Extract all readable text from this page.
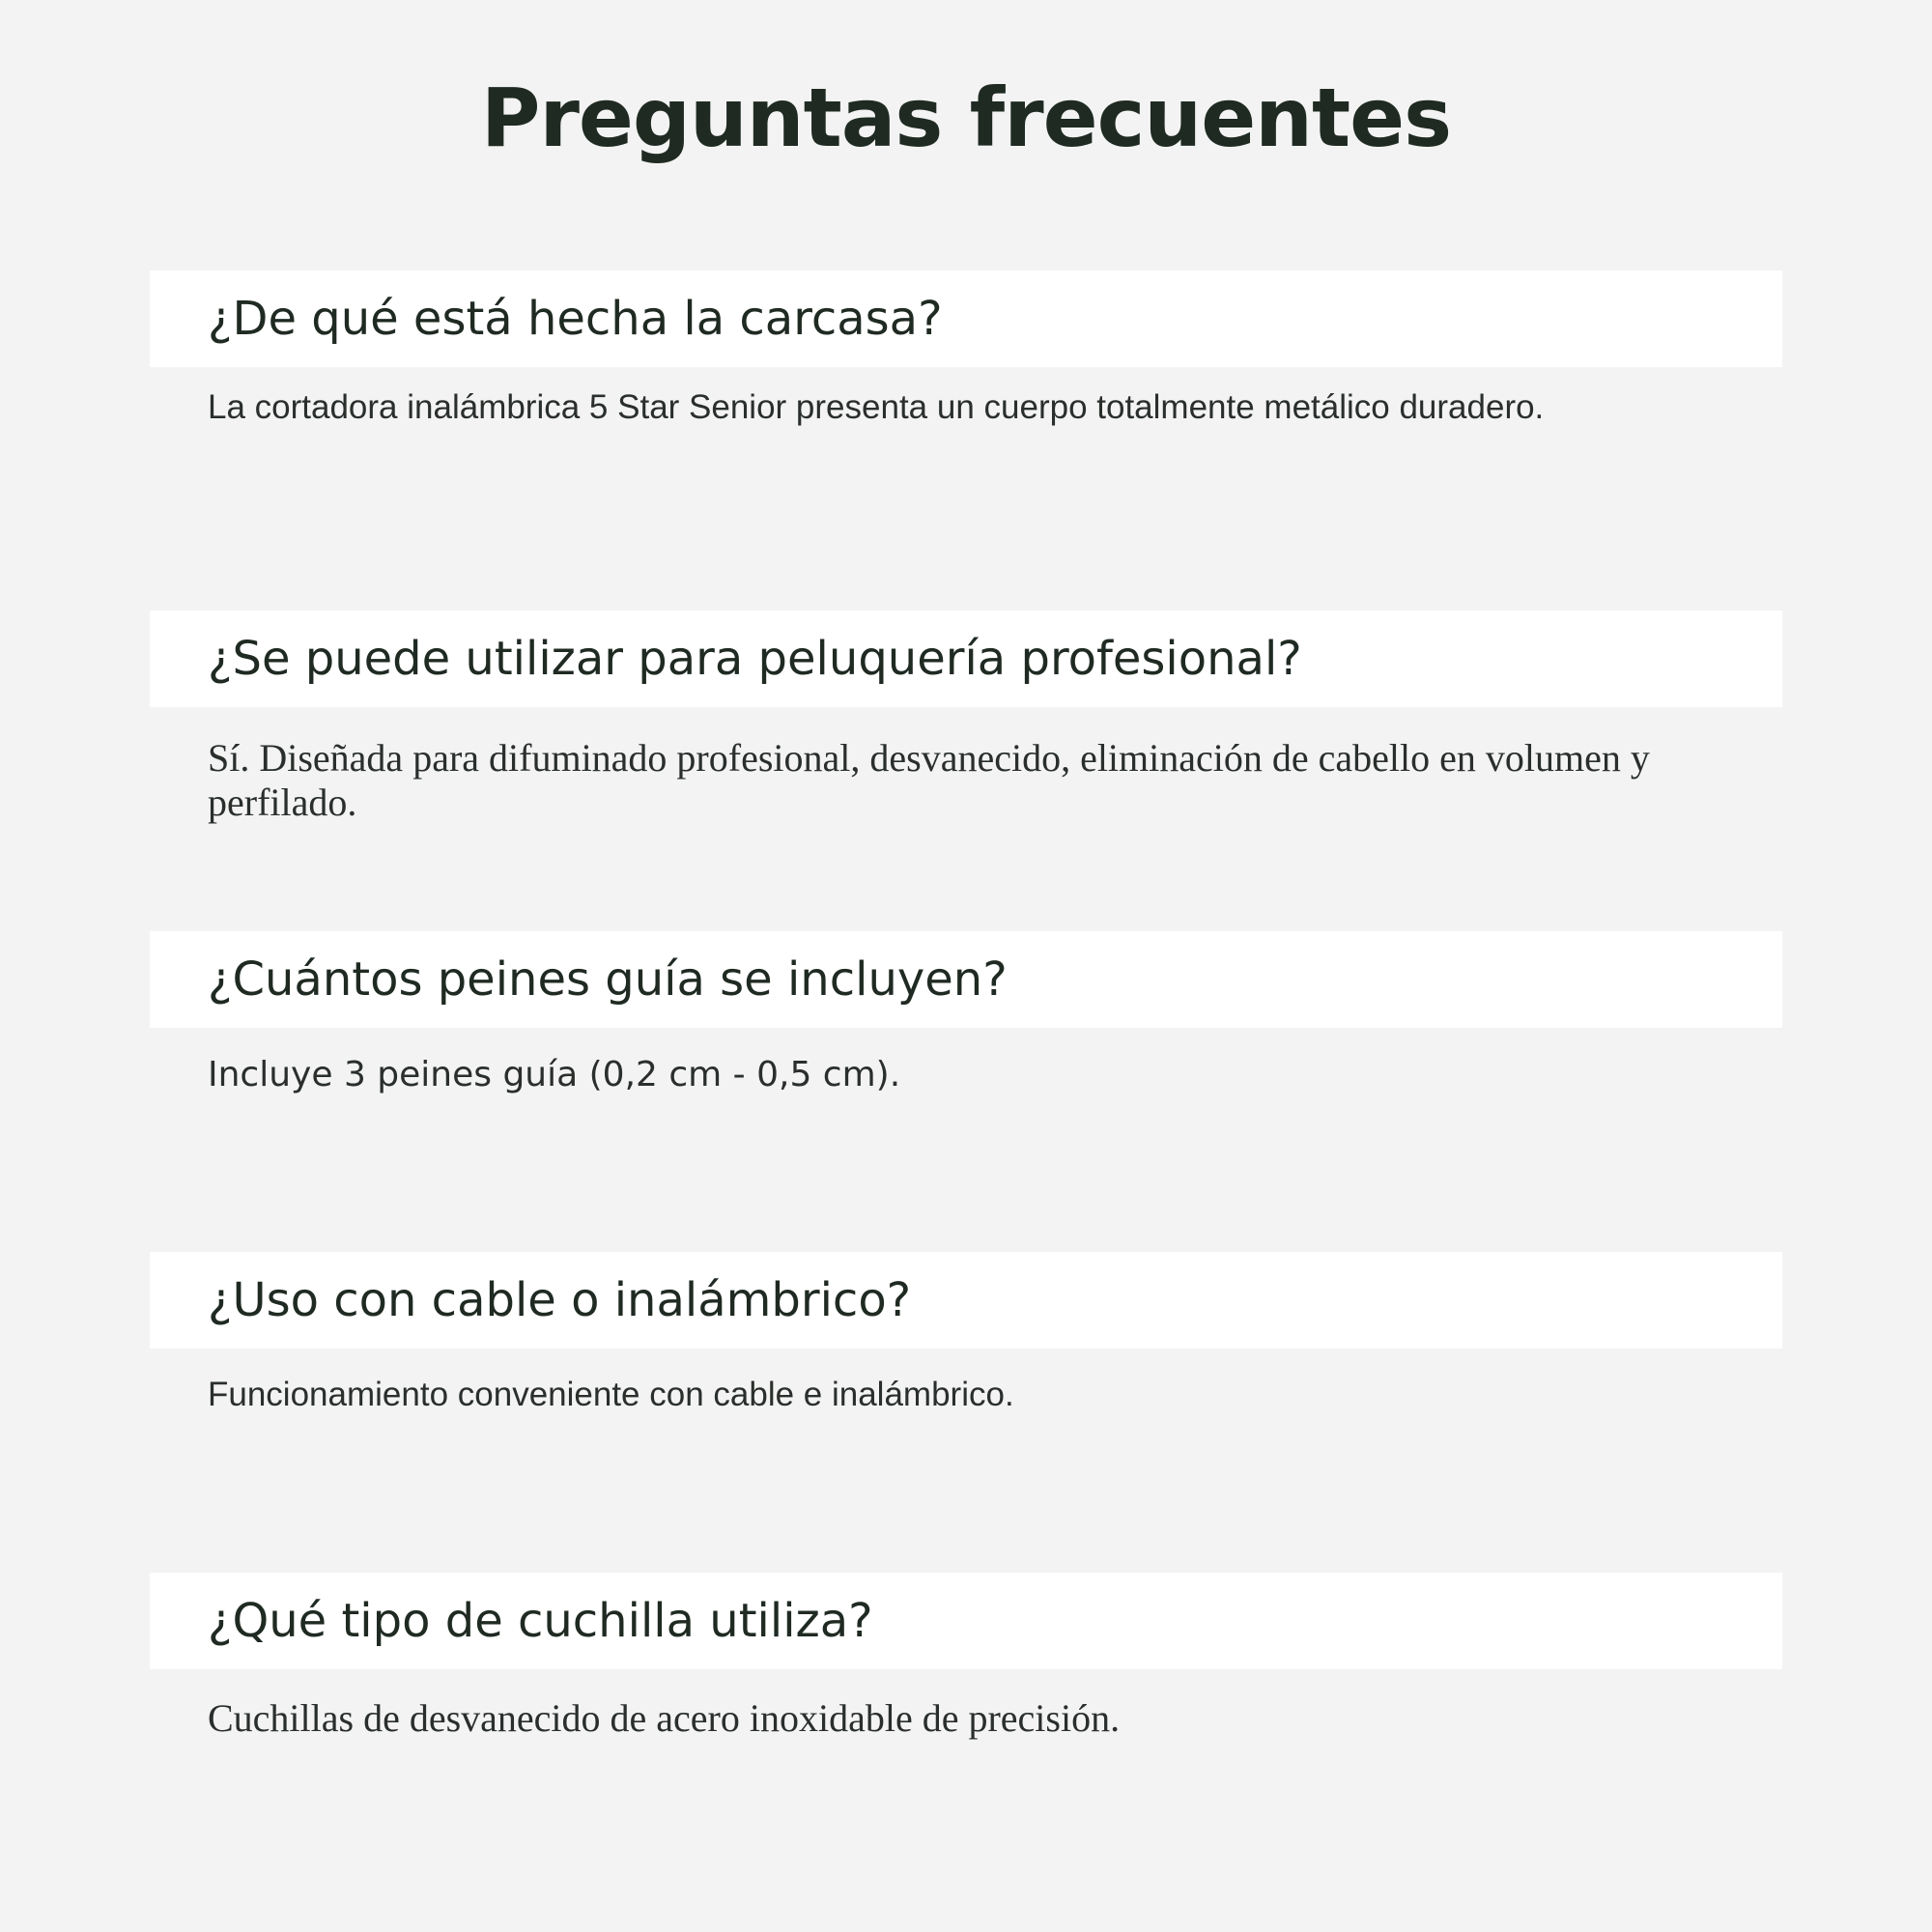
Preguntas frecuentes
¿De qué está hecha la carcasa?
La cortadora inalámbrica 5 Star Senior presenta un cuerpo totalmente metálico duradero.
¿Se puede utilizar para peluquería profesional?
Sí. Diseñada para difuminado profesional, desvanecido, eliminación de cabello en volumen y perfilado.
¿Cuántos peines guía se incluyen?
Incluye 3 peines guía (0,2 cm - 0,5 cm).
¿Uso con cable o inalámbrico?
Funcionamiento conveniente con cable e inalámbrico.
¿Qué tipo de cuchilla utiliza?
Cuchillas de desvanecido de acero inoxidable de precisión.
